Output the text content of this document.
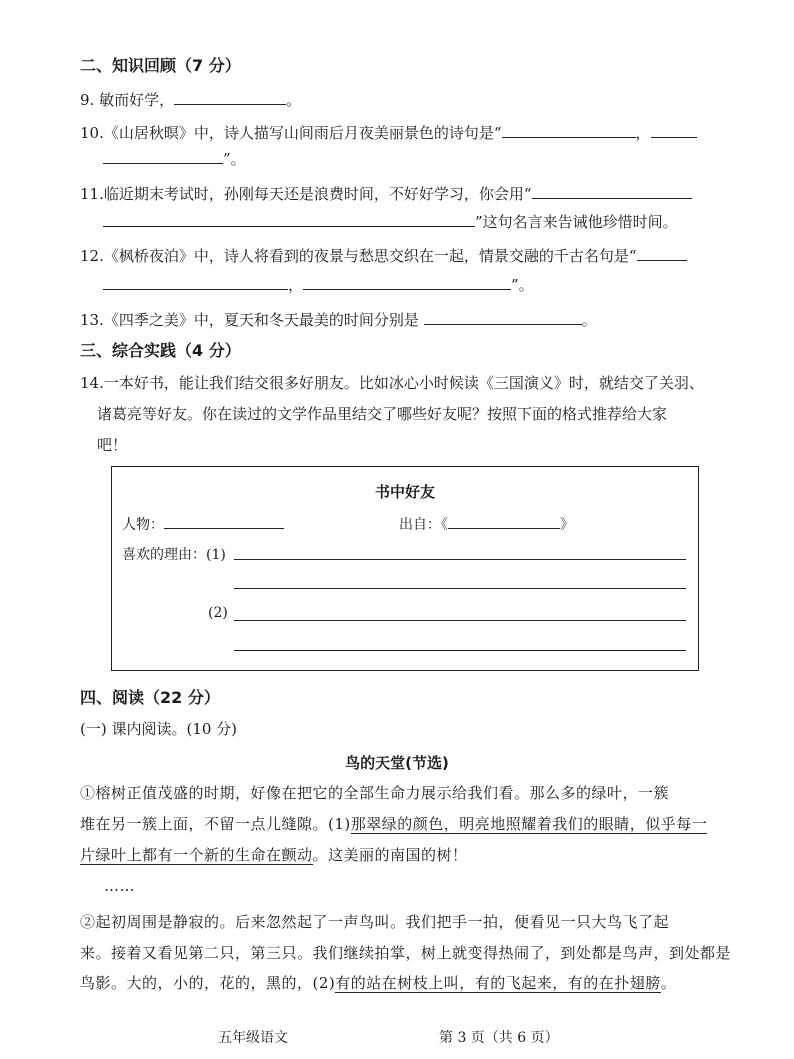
二、知识回顾（7 分）
9. 敏而好学，	。
10.《山居秋暝》中，诗人描写山间雨后月夜美丽景色的诗句是“	，
”。
11.临近期末考试时，孙刚每天还是浪费时间，不好好学习，你会用“
”这句名言来告诫他珍惜时间。
12.《枫桥夜泊》中，诗人将看到的夜景与愁思交织在一起，情景交融的千古名句是“
，	”。
13.《四季之美》中，夏天和冬天最美的时间分别是	。
三、综合实践（4 分）
14.一本好书，能让我们结交很多好朋友。比如冰心小时候读《三国演义》时，就结交了关羽、
诸葛亮等好友。你在读过的文学作品里结交了哪些好友呢？按照下面的格式推荐给大家
吧！
书中好友
人物：	出自：《	》
喜欢的理由：(1)
(2)
四、阅读（22 分）
(一) 课内阅读。(10 分)
鸟的天堂(节选)
①榕树正值茂盛的时期，好像在把它的全部生命力展示给我们看。那么多的绿叶，一簇
堆在另一簇上面，不留一点儿缝隙。(1)那翠绿的颜色，明亮地照耀着我们的眼睛，似乎每一
片绿叶上都有一个新的生命在颤动。这美丽的南国的树！
……
②起初周围是静寂的。后来忽然起了一声鸟叫。我们把手一拍，便看见一只大鸟飞了起
来。接着又看见第二只，第三只。我们继续拍掌，树上就变得热闹了，到处都是鸟声，到处都是
鸟影。大的，小的，花的，黑的，(2)有的站在树枝上叫，有的飞起来，有的在扑翅膀。
五年级语文	第 3 页（共 6 页）
